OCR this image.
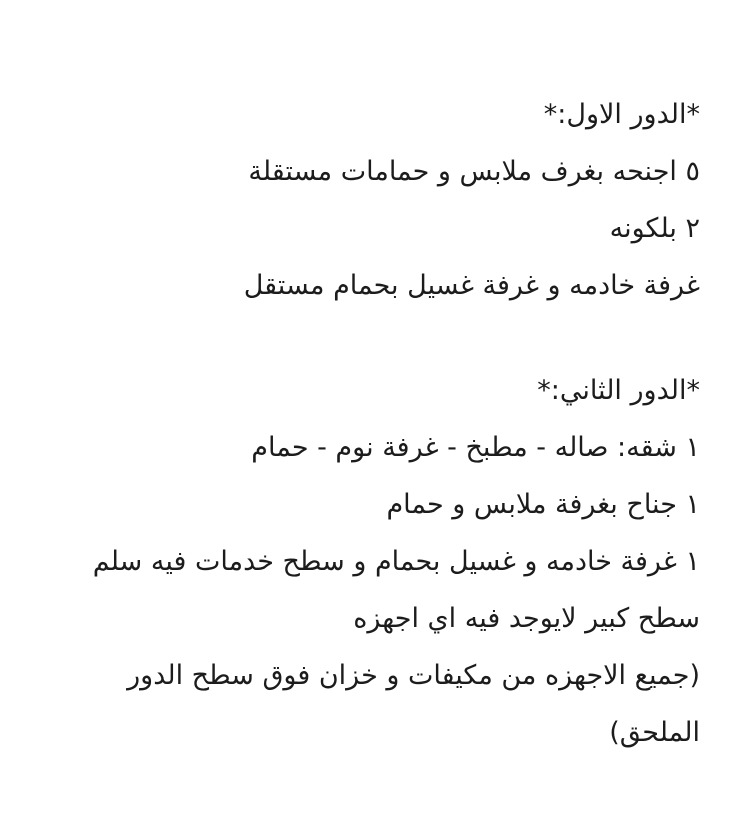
*الدور الاول:*
٥ اجنحه بغرف ملابس و حمامات مستقلة
٢ بلكونه
غرفة خادمه و غرفة غسيل بحمام مستقل
*الدور الثاني:*
١ شقه: صاله - مطبخ - غرفة نوم - حمام
١ جناح بغرفة ملابس و حمام
١ غرفة خادمه و غسيل بحمام و سطح خدمات فيه سلم
سطح كبير لايوجد فيه اي اجهزه
(جميع الاجهزه من مكيفات و خزان فوق سطح الدور الملحق)
